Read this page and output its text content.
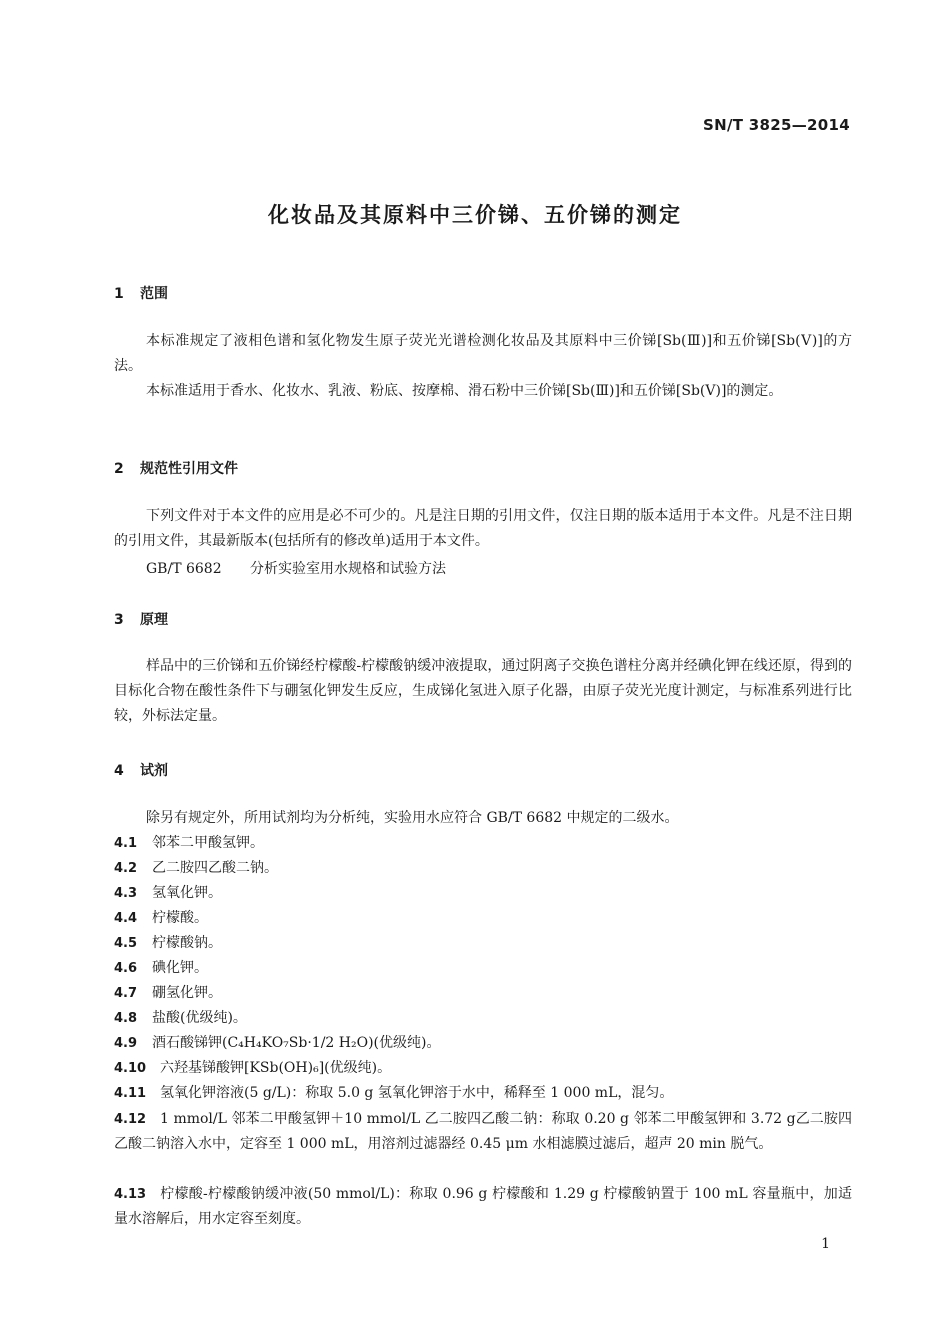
SN/T 3825—2014
化妆品及其原料中三价锑、五价锑的测定
1 范围
本标准规定了液相色谱和氢化物发生原子荧光光谱检测化妆品及其原料中三价锑[Sb(Ⅲ)]和五价锑[Sb(Ⅴ)]的方法。
本标准适用于香水、化妆水、乳液、粉底、按摩棉、滑石粉中三价锑[Sb(Ⅲ)]和五价锑[Sb(Ⅴ)]的测定。
2 规范性引用文件
下列文件对于本文件的应用是必不可少的。凡是注日期的引用文件，仅注日期的版本适用于本文件。凡是不注日期的引用文件，其最新版本(包括所有的修改单)适用于本文件。
GB/T 6682 分析实验室用水规格和试验方法
3 原理
样品中的三价锑和五价锑经柠檬酸-柠檬酸钠缓冲液提取，通过阴离子交换色谱柱分离并经碘化钾在线还原，得到的目标化合物在酸性条件下与硼氢化钾发生反应，生成锑化氢进入原子化器，由原子荧光光度计测定，与标准系列进行比较，外标法定量。
4 试剂
除另有规定外，所用试剂均为分析纯，实验用水应符合 GB/T 6682 中规定的二级水。
4.1 邻苯二甲酸氢钾。
4.2 乙二胺四乙酸二钠。
4.3 氢氧化钾。
4.4 柠檬酸。
4.5 柠檬酸钠。
4.6 碘化钾。
4.7 硼氢化钾。
4.8 盐酸(优级纯)。
4.9 酒石酸锑钾(C₄H₄KO₇Sb·1/2 H₂O)(优级纯)。
4.10 六羟基锑酸钾[KSb(OH)₆](优级纯)。
4.11 氢氧化钾溶液(5 g/L)：称取 5.0 g 氢氧化钾溶于水中，稀释至 1 000 mL，混匀。
4.12 1 mmol/L 邻苯二甲酸氢钾＋10 mmol/L 乙二胺四乙酸二钠：称取 0.20 g 邻苯二甲酸氢钾和 3.72 g乙二胺四乙酸二钠溶入水中，定容至 1 000 mL，用溶剂过滤器经 0.45 μm 水相滤膜过滤后，超声 20 min 脱气。
4.13 柠檬酸-柠檬酸钠缓冲液(50 mmol/L)：称取 0.96 g 柠檬酸和 1.29 g 柠檬酸钠置于 100 mL 容量瓶中，加适量水溶解后，用水定容至刻度。
1
